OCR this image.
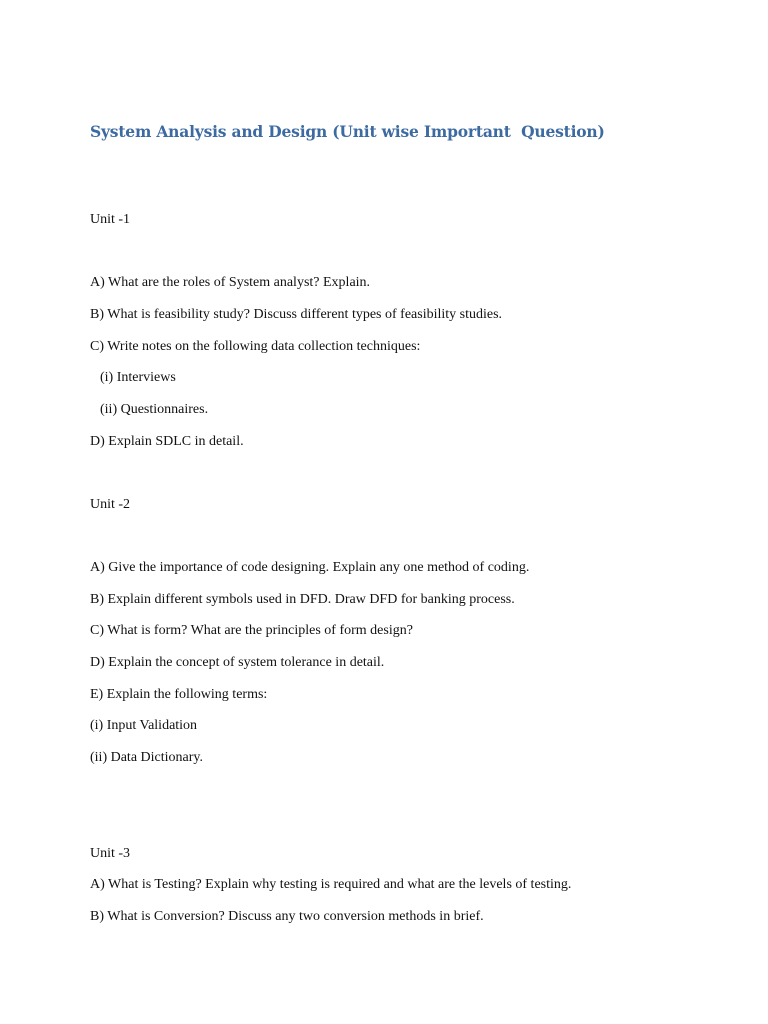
System Analysis and Design (Unit wise Important  Question)

Unit -1

A) What are the roles of System analyst? Explain.

B) What is feasibility study? Discuss different types of feasibility studies.

C) Write notes on the following data collection techniques:

(i) Interviews

(ii) Questionnaires.

D) Explain SDLC in detail.

Unit -2

A) Give the importance of code designing. Explain any one method of coding.

B) Explain different symbols used in DFD. Draw DFD for banking process.

C) What is form? What are the principles of form design?

D) Explain the concept of system tolerance in detail.

E) Explain the following terms:

(i) Input Validation

(ii) Data Dictionary.

Unit -3

A) What is Testing? Explain why testing is required and what are the levels of testing.

B) What is Conversion? Discuss any two conversion methods in brief.
